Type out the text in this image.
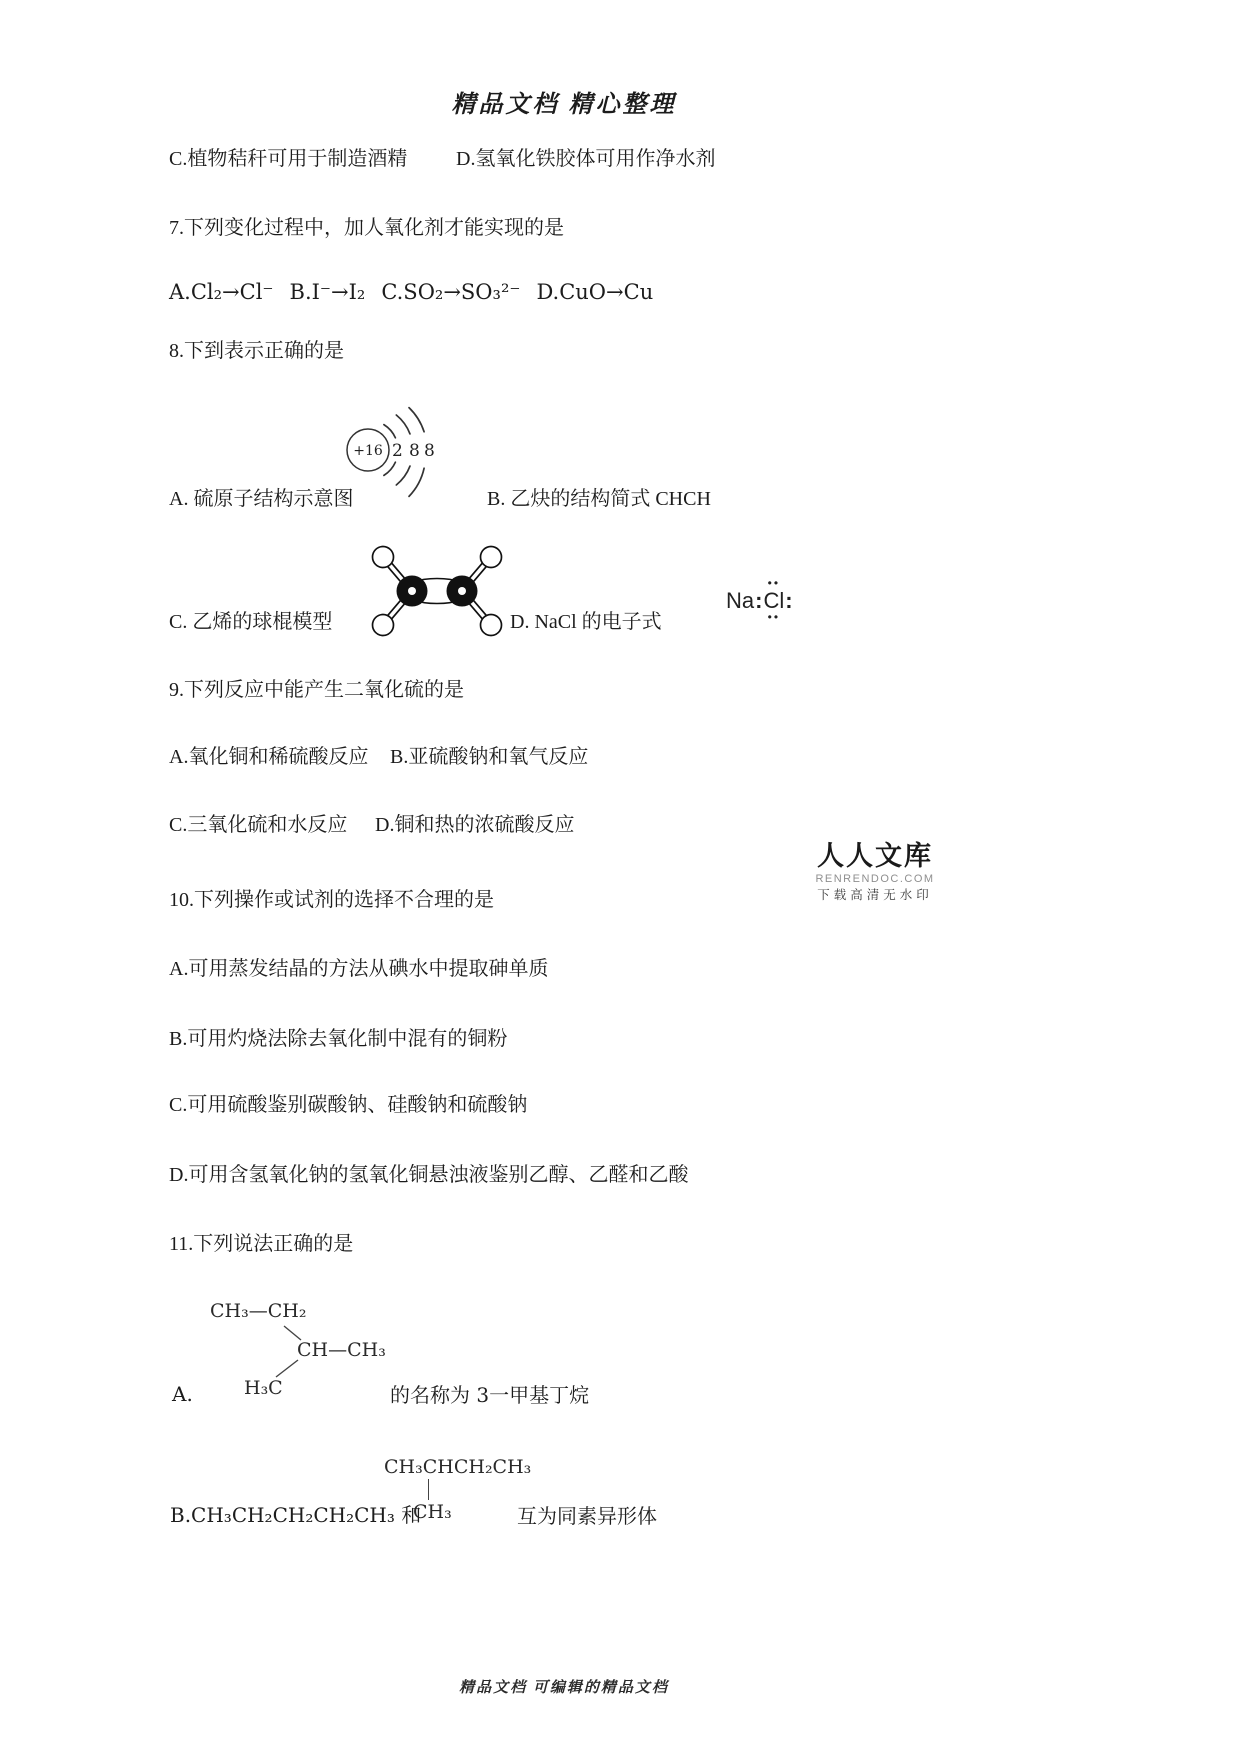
精品文档 精心整理
C.植物秸秆可用于制造酒精 D.氢氧化铁胶体可用作净水剂
7.下列变化过程中，加人氧化剂才能实现的是
A.Cl₂→Cl⁻ B.I⁻→I₂ C.SO₂→SO₃²⁻ D.CuO→Cu
8.下到表示正确的是
+16 2 8 8
A. 硫原子结构示意图	B. 乙炔的结构简式 CHCH
C. 乙烯的球棍模型	D. NaCl 的电子式
Na:
••
Cl
••
:
9.下列反应中能产生二氧化硫的是
A.氧化铜和稀硫酸反应 B.亚硫酸钠和氧气反应
C.三氧化硫和水反应 D.铜和热的浓硫酸反应
人人文库
RENRENDOC.COM
下载高清无水印
10.下列操作或试剂的选择不合理的是
A.可用蒸发结晶的方法从碘水中提取砷单质
B.可用灼烧法除去氧化制中混有的铜粉
C.可用硫酸鉴别碳酸钠、硅酸钠和硫酸钠
D.可用含氢氧化钠的氢氧化铜悬浊液鉴别乙醇、乙醛和乙酸
11.下列说法正确的是
CH₃—CH₂
CH—CH₃
H₃C
A.	的名称为 3一甲基丁烷
CH₃CHCH₂CH₃
CH₃
B.CH₃CH₂CH₂CH₂CH₃ 和	互为同素异形体
精品文档 可编辑的精品文档
